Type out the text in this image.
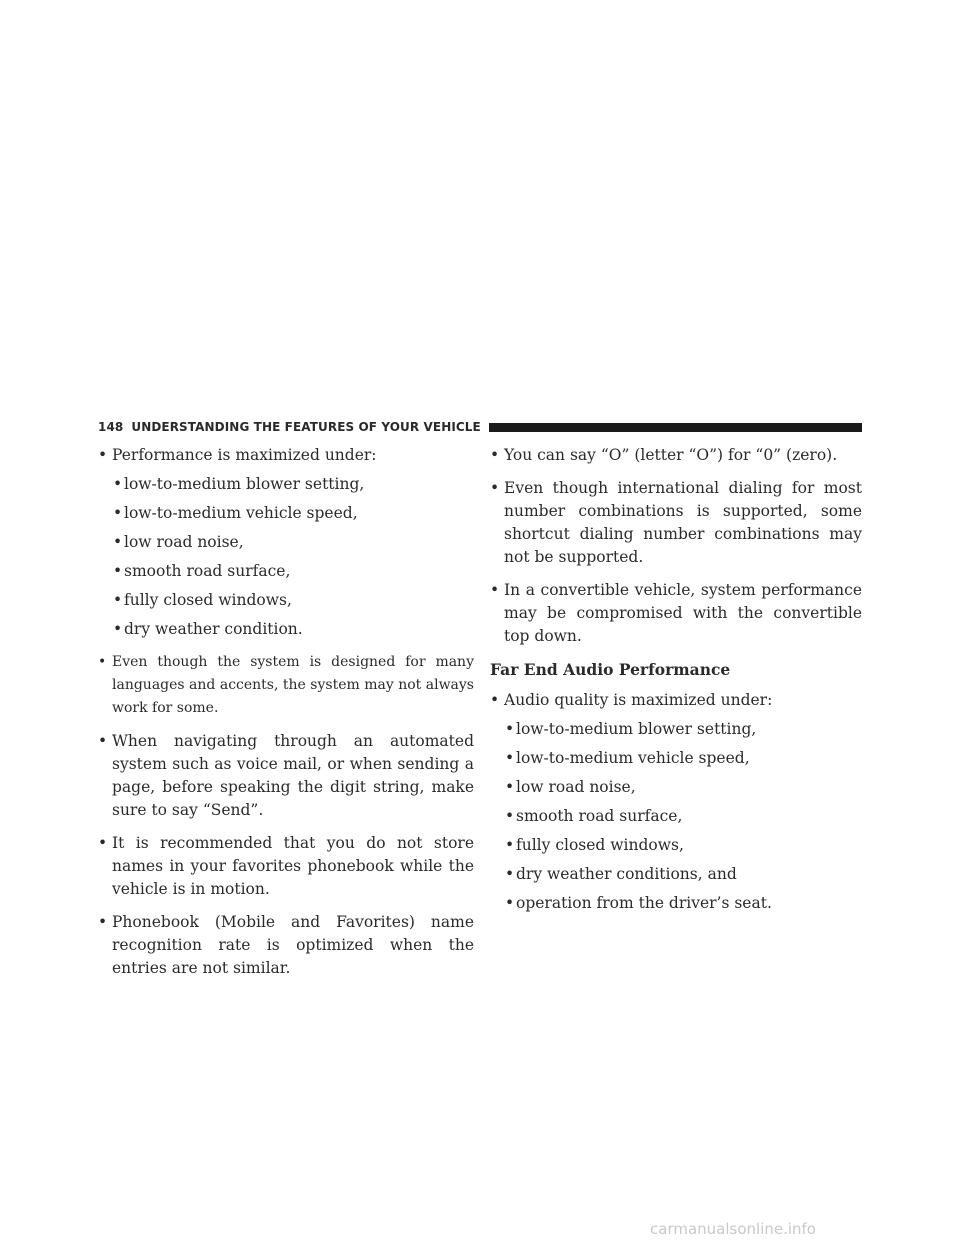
148 UNDERSTANDING THE FEATURES OF YOUR VEHICLE
• Performance is maximized under:
• low-to-medium blower setting,
• low-to-medium vehicle speed,
• low road noise,
• smooth road surface,
• fully closed windows,
• dry weather condition.
• Even though the system is designed for many languages and accents, the system may not always work for some.
• When navigating through an automated system such as voice mail, or when sending a page, before speaking the digit string, make sure to say “Send”.
• It is recommended that you do not store names in your favorites phonebook while the vehicle is in motion.
• Phonebook (Mobile and Favorites) name recognition rate is optimized when the entries are not similar.
• You can say “O” (letter “O”) for “0” (zero).
• Even though international dialing for most number combinations is supported, some shortcut dialing number combinations may not be supported.
• In a convertible vehicle, system performance may be compromised with the convertible top down.
Far End Audio Performance
• Audio quality is maximized under:
• low-to-medium blower setting,
• low-to-medium vehicle speed,
• low road noise,
• smooth road surface,
• fully closed windows,
• dry weather conditions, and
• operation from the driver’s seat.
carmanualsonline.info
